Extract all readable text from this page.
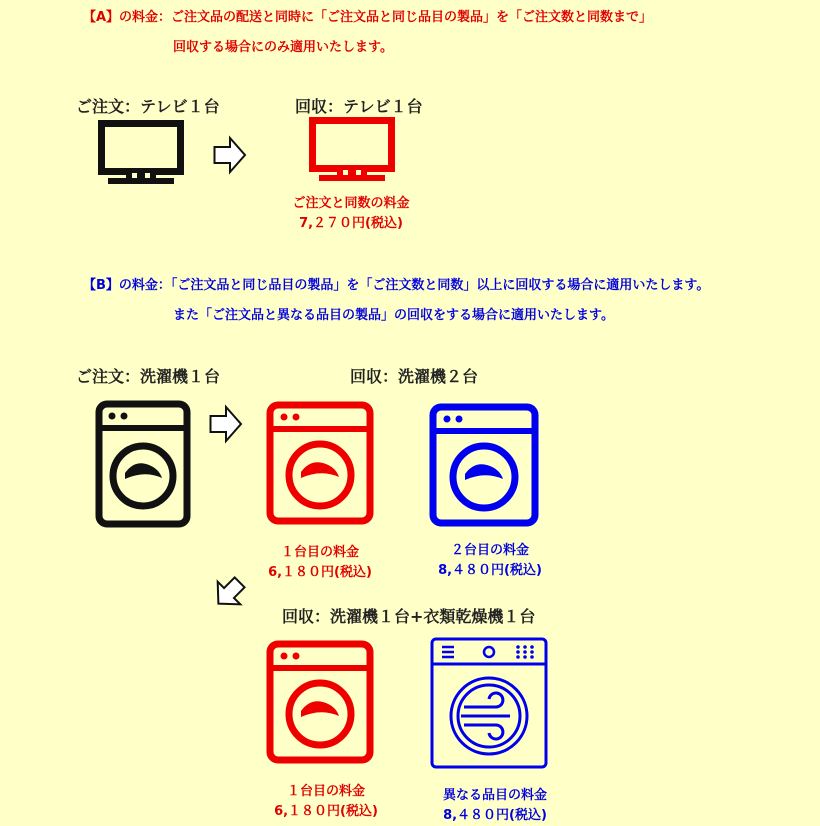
【A】の料金：ご注文品の配送と同時に「ご注文品と同じ品目の製品」を「ご注文数と同数まで」
回収する場合にのみ適用いたします。
ご注文：テレビ１台	回収：テレビ１台
ご注文と同数の料金
7,２７０円(税込)
【B】の料金：「ご注文品と同じ品目の製品」を「ご注文数と同数」以上に回収する場合に適用いたします。
また「ご注文品と異なる品目の製品」の回収をする場合に適用いたします。
ご注文：洗濯機１台	回収：洗濯機２台
１台目の料金
6,１８０円(税込)
２台目の料金
8,４８０円(税込)
回収：洗濯機１台+衣類乾燥機１台
１台目の料金
6,１８０円(税込)
異なる品目の料金
8,４８０円(税込)
